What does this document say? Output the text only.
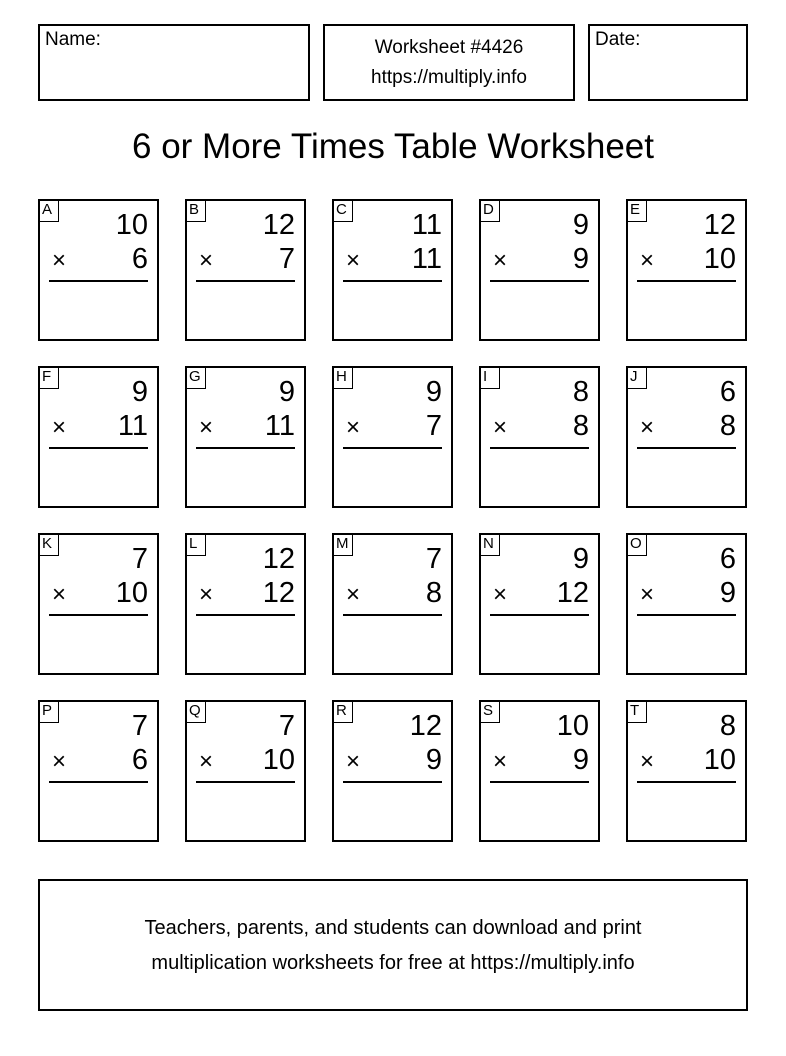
Name:	Worksheet #4426
https://multiply.info
Date:
6 or More Times Table Worksheet
A 10
× 6
B 12
× 7
C 11
× 11
D	9
× 9
E 12
× 10
F	9
× 11
G	9
× 11
H	9
× 7
I	8
× 8
J	6
× 8
K	7
× 10
L 12
× 12
M	7
× 8
N	9
× 12
O	6
× 9
P	7
× 6
Q	7
× 10
R 12
× 9
S 10
× 9
T	8
× 10
Teachers, parents, and students can download and print
multiplication worksheets for free at https://multiply.info
